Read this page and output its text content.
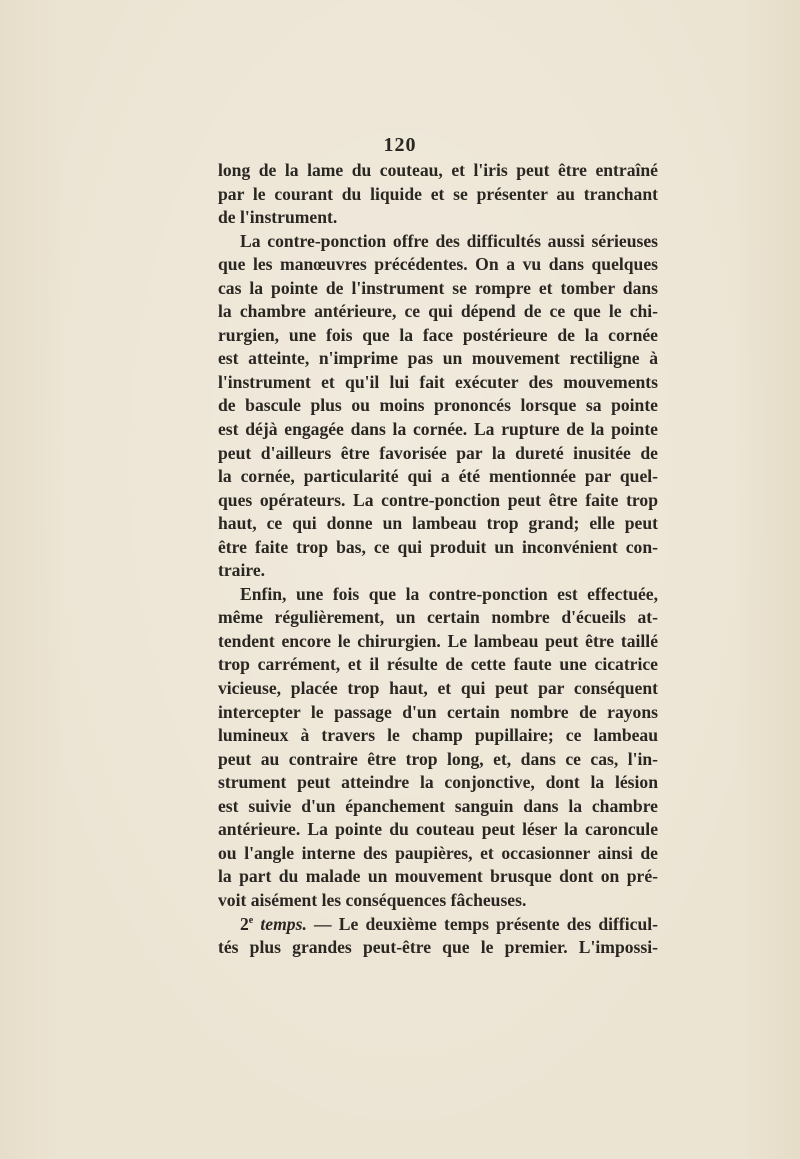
120
long de la lame du couteau, et l'iris peut être entraîné
par le courant du liquide et se présenter au tranchant
de l'instrument.
La contre-ponction offre des difficultés aussi sérieuses
que les manœuvres précédentes. On a vu dans quelques
cas la pointe de l'instrument se rompre et tomber dans
la chambre antérieure, ce qui dépend de ce que le chi-
rurgien, une fois que la face postérieure de la cornée
est atteinte, n'imprime pas un mouvement rectiligne à
l'instrument et qu'il lui fait exécuter des mouvements
de bascule plus ou moins prononcés lorsque sa pointe
est déjà engagée dans la cornée. La rupture de la pointe
peut d'ailleurs être favorisée par la dureté inusitée de
la cornée, particularité qui a été mentionnée par quel-
ques opérateurs. La contre-ponction peut être faite trop
haut, ce qui donne un lambeau trop grand; elle peut
être faite trop bas, ce qui produit un inconvénient con-
traire.
Enfin, une fois que la contre-ponction est effectuée,
même régulièrement, un certain nombre d'écueils at-
tendent encore le chirurgien. Le lambeau peut être taillé
trop carrément, et il résulte de cette faute une cicatrice
vicieuse, placée trop haut, et qui peut par conséquent
intercepter le passage d'un certain nombre de rayons
lumineux à travers le champ pupillaire; ce lambeau
peut au contraire être trop long, et, dans ce cas, l'in-
strument peut atteindre la conjonctive, dont la lésion
est suivie d'un épanchement sanguin dans la chambre
antérieure. La pointe du couteau peut léser la caroncule
ou l'angle interne des paupières, et occasionner ainsi de
la part du malade un mouvement brusque dont on pré-
voit aisément les conséquences fâcheuses.
2e temps. — Le deuxième temps présente des difficul-
tés plus grandes peut-être que le premier. L'impossi-
